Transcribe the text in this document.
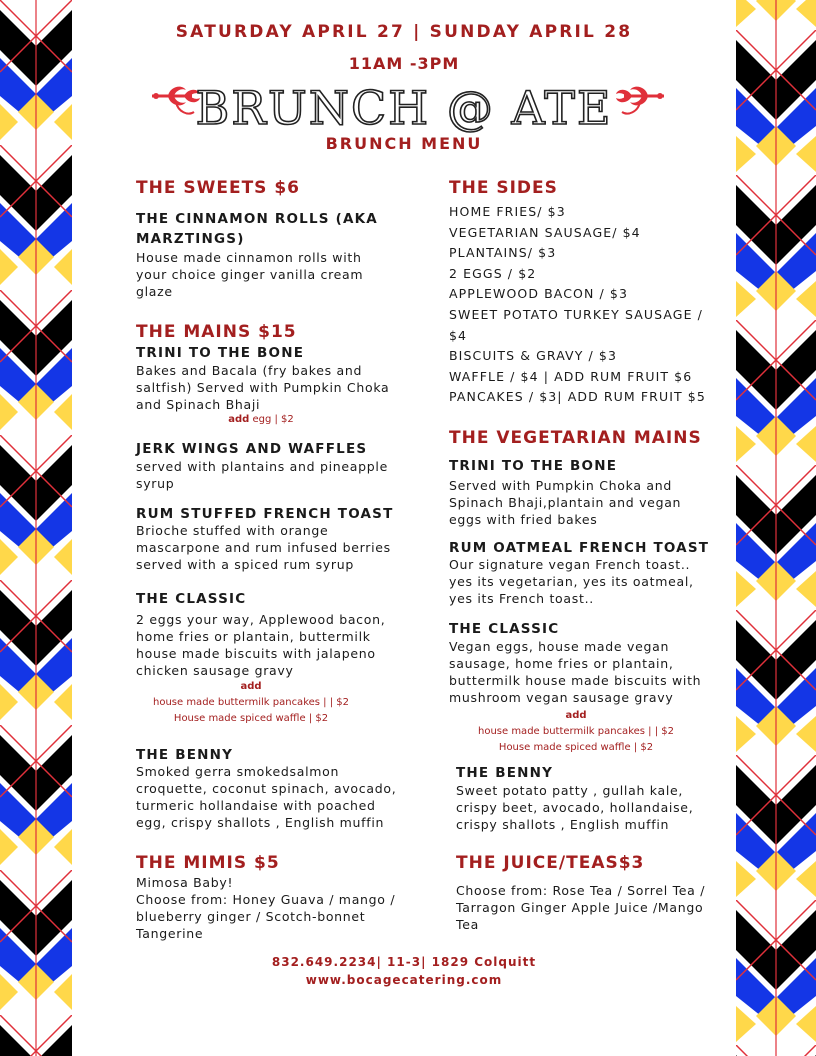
SATURDAY APRIL 27 | SUNDAY APRIL 28
11AM -3PM
BRUNCH @ ATE
BRUNCH MENU
THE SWEETS $6
THE CINNAMON ROLLS (AKA MARZTINGS)
House made cinnamon rolls with your choice ginger vanilla cream glaze
THE MAINS $15
TRINI TO THE BONE
Bakes and Bacala (fry bakes and saltfish) Served with Pumpkin Choka and Spinach Bhaji
add egg | $2
JERK WINGS AND WAFFLES
served with plantains and pineapple syrup
RUM STUFFED FRENCH TOAST
Brioche stuffed with orange mascarpone and rum infused berries served with a spiced rum syrup
THE CLASSIC
2 eggs your way, Applewood bacon, home fries or plantain, buttermilk house made biscuits with jalapeno chicken sausage gravy
add
house made buttermilk pancakes | | $2
House made spiced waffle | $2
THE BENNY
Smoked gerra smokedsalmon croquette, coconut spinach, avocado, turmeric hollandaise with poached egg, crispy shallots , English muffin
THE MIMIS $5
Mimosa Baby!
Choose from: Honey Guava / mango / blueberry ginger / Scotch-bonnet Tangerine
THE SIDES
HOME FRIES/ $3
VEGETARIAN SAUSAGE/ $4
PLANTAINS/ $3
2 EGGS / $2
APPLEWOOD BACON / $3
SWEET POTATO TURKEY SAUSAGE / $4
BISCUITS & GRAVY / $3
WAFFLE / $4 | ADD RUM FRUIT $6
PANCAKES / $3| ADD RUM FRUIT $5
THE VEGETARIAN MAINS
TRINI TO THE BONE
Served with Pumpkin Choka and Spinach Bhaji,plantain and vegan eggs with fried bakes
RUM OATMEAL FRENCH TOAST
Our signature vegan French toast.. yes its vegetarian, yes its oatmeal, yes its French toast..
THE CLASSIC
Vegan eggs, house made vegan sausage, home fries or plantain, buttermilk house made biscuits with mushroom vegan sausage gravy
add
house made buttermilk pancakes | | $2
House made spiced waffle | $2
THE BENNY
Sweet potato patty , gullah kale, crispy beet, avocado, hollandaise, crispy shallots , English muffin
THE JUICE/TEAS$3
Choose from: Rose Tea / Sorrel Tea / Tarragon Ginger Apple Juice /Mango Tea
832.649.2234| 11-3| 1829 Colquitt
www.bocagecatering.com
